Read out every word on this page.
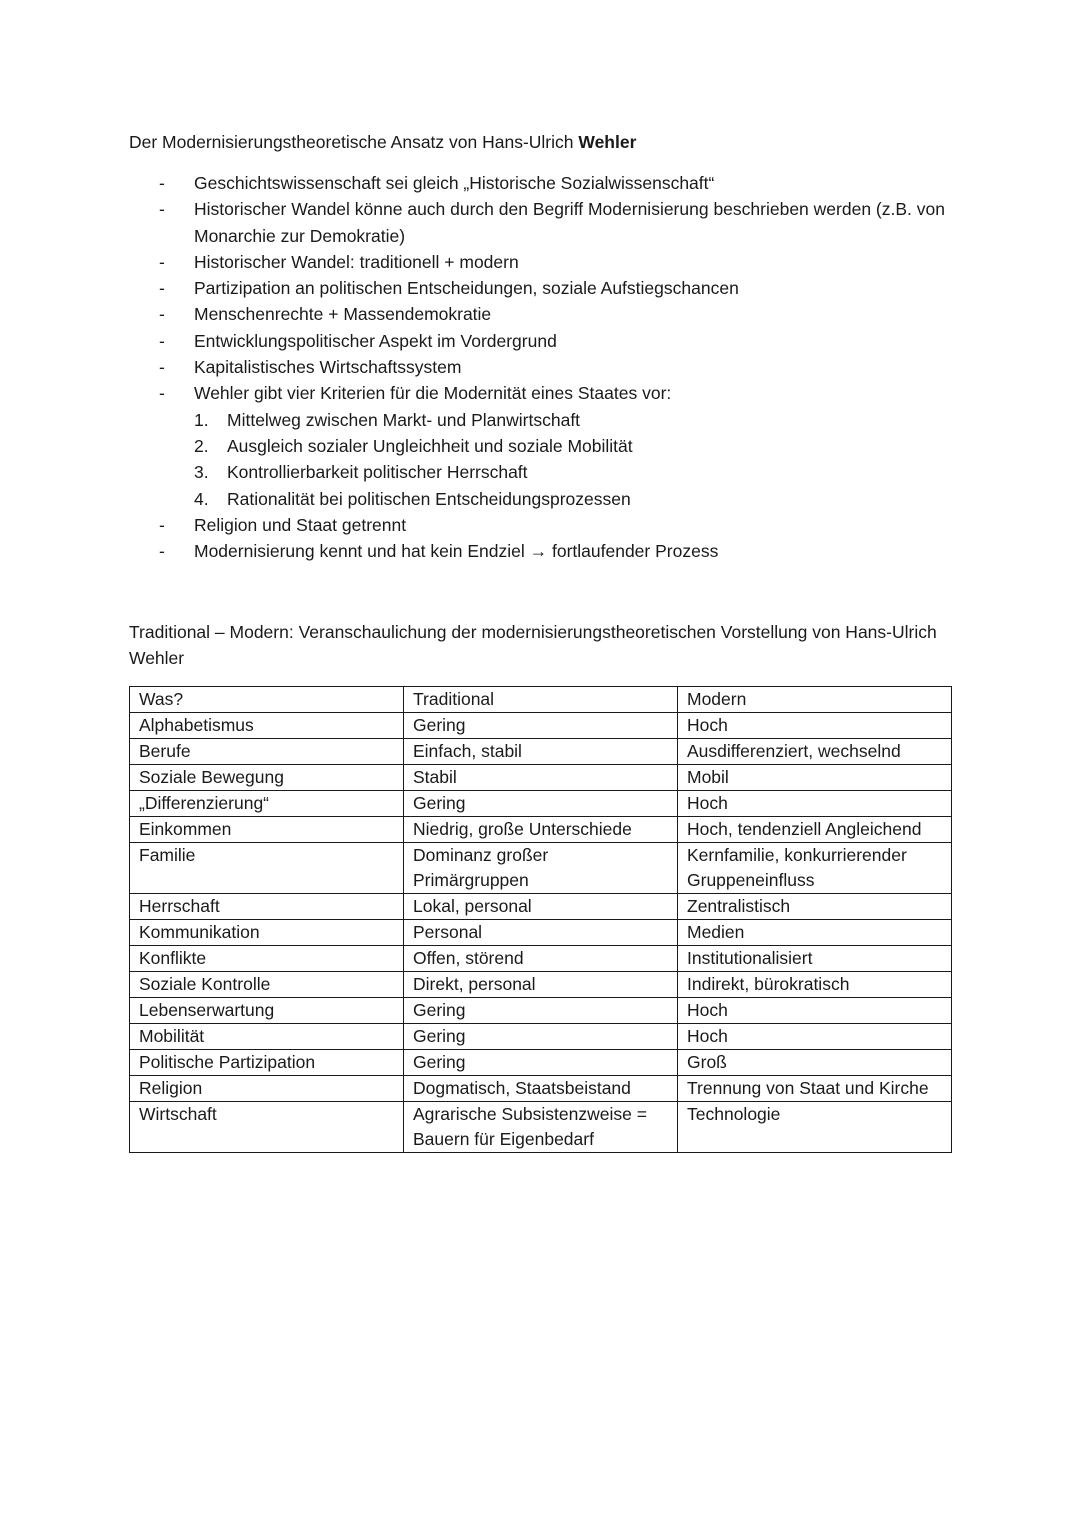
Der Modernisierungstheoretische Ansatz von Hans-Ulrich Wehler
- Geschichtswissenschaft sei gleich „Historische Sozialwissenschaft“
- Historischer Wandel könne auch durch den Begriff Modernisierung beschrieben werden (z.B. von Monarchie zur Demokratie)
- Historischer Wandel: traditionell + modern
- Partizipation an politischen Entscheidungen, soziale Aufstiegschancen
- Menschenrechte + Massendemokratie
- Entwicklungspolitischer Aspekt im Vordergrund
- Kapitalistisches Wirtschaftssystem
- Wehler gibt vier Kriterien für die Modernität eines Staates vor:
1. Mittelweg zwischen Markt- und Planwirtschaft
2. Ausgleich sozialer Ungleichheit und soziale Mobilität
3. Kontrollierbarkeit politischer Herrschaft
4. Rationalität bei politischen Entscheidungsprozessen
- Religion und Staat getrennt
- Modernisierung kennt und hat kein Endziel → fortlaufender Prozess
Traditional – Modern: Veranschaulichung der modernisierungstheoretischen Vorstellung von Hans-Ulrich Wehler
Was?	Traditional	Modern
Alphabetismus	Gering	Hoch
Berufe	Einfach, stabil	Ausdifferenziert, wechselnd
Soziale Bewegung	Stabil	Mobil
„Differenzierung“	Gering	Hoch
Einkommen	Niedrig, große Unterschiede	Hoch, tendenziell Angleichend
Familie	Dominanz großer Primärgruppen	Kernfamilie, konkurrierender Gruppeneinfluss
Herrschaft	Lokal, personal	Zentralistisch
Kommunikation	Personal	Medien
Konflikte	Offen, störend	Institutionalisiert
Soziale Kontrolle	Direkt, personal	Indirekt, bürokratisch
Lebenserwartung	Gering	Hoch
Mobilität	Gering	Hoch
Politische Partizipation	Gering	Groß
Religion	Dogmatisch, Staatsbeistand	Trennung von Staat und Kirche
Wirtschaft	Agrarische Subsistenzweise = Bauern für Eigenbedarf	Technologie
